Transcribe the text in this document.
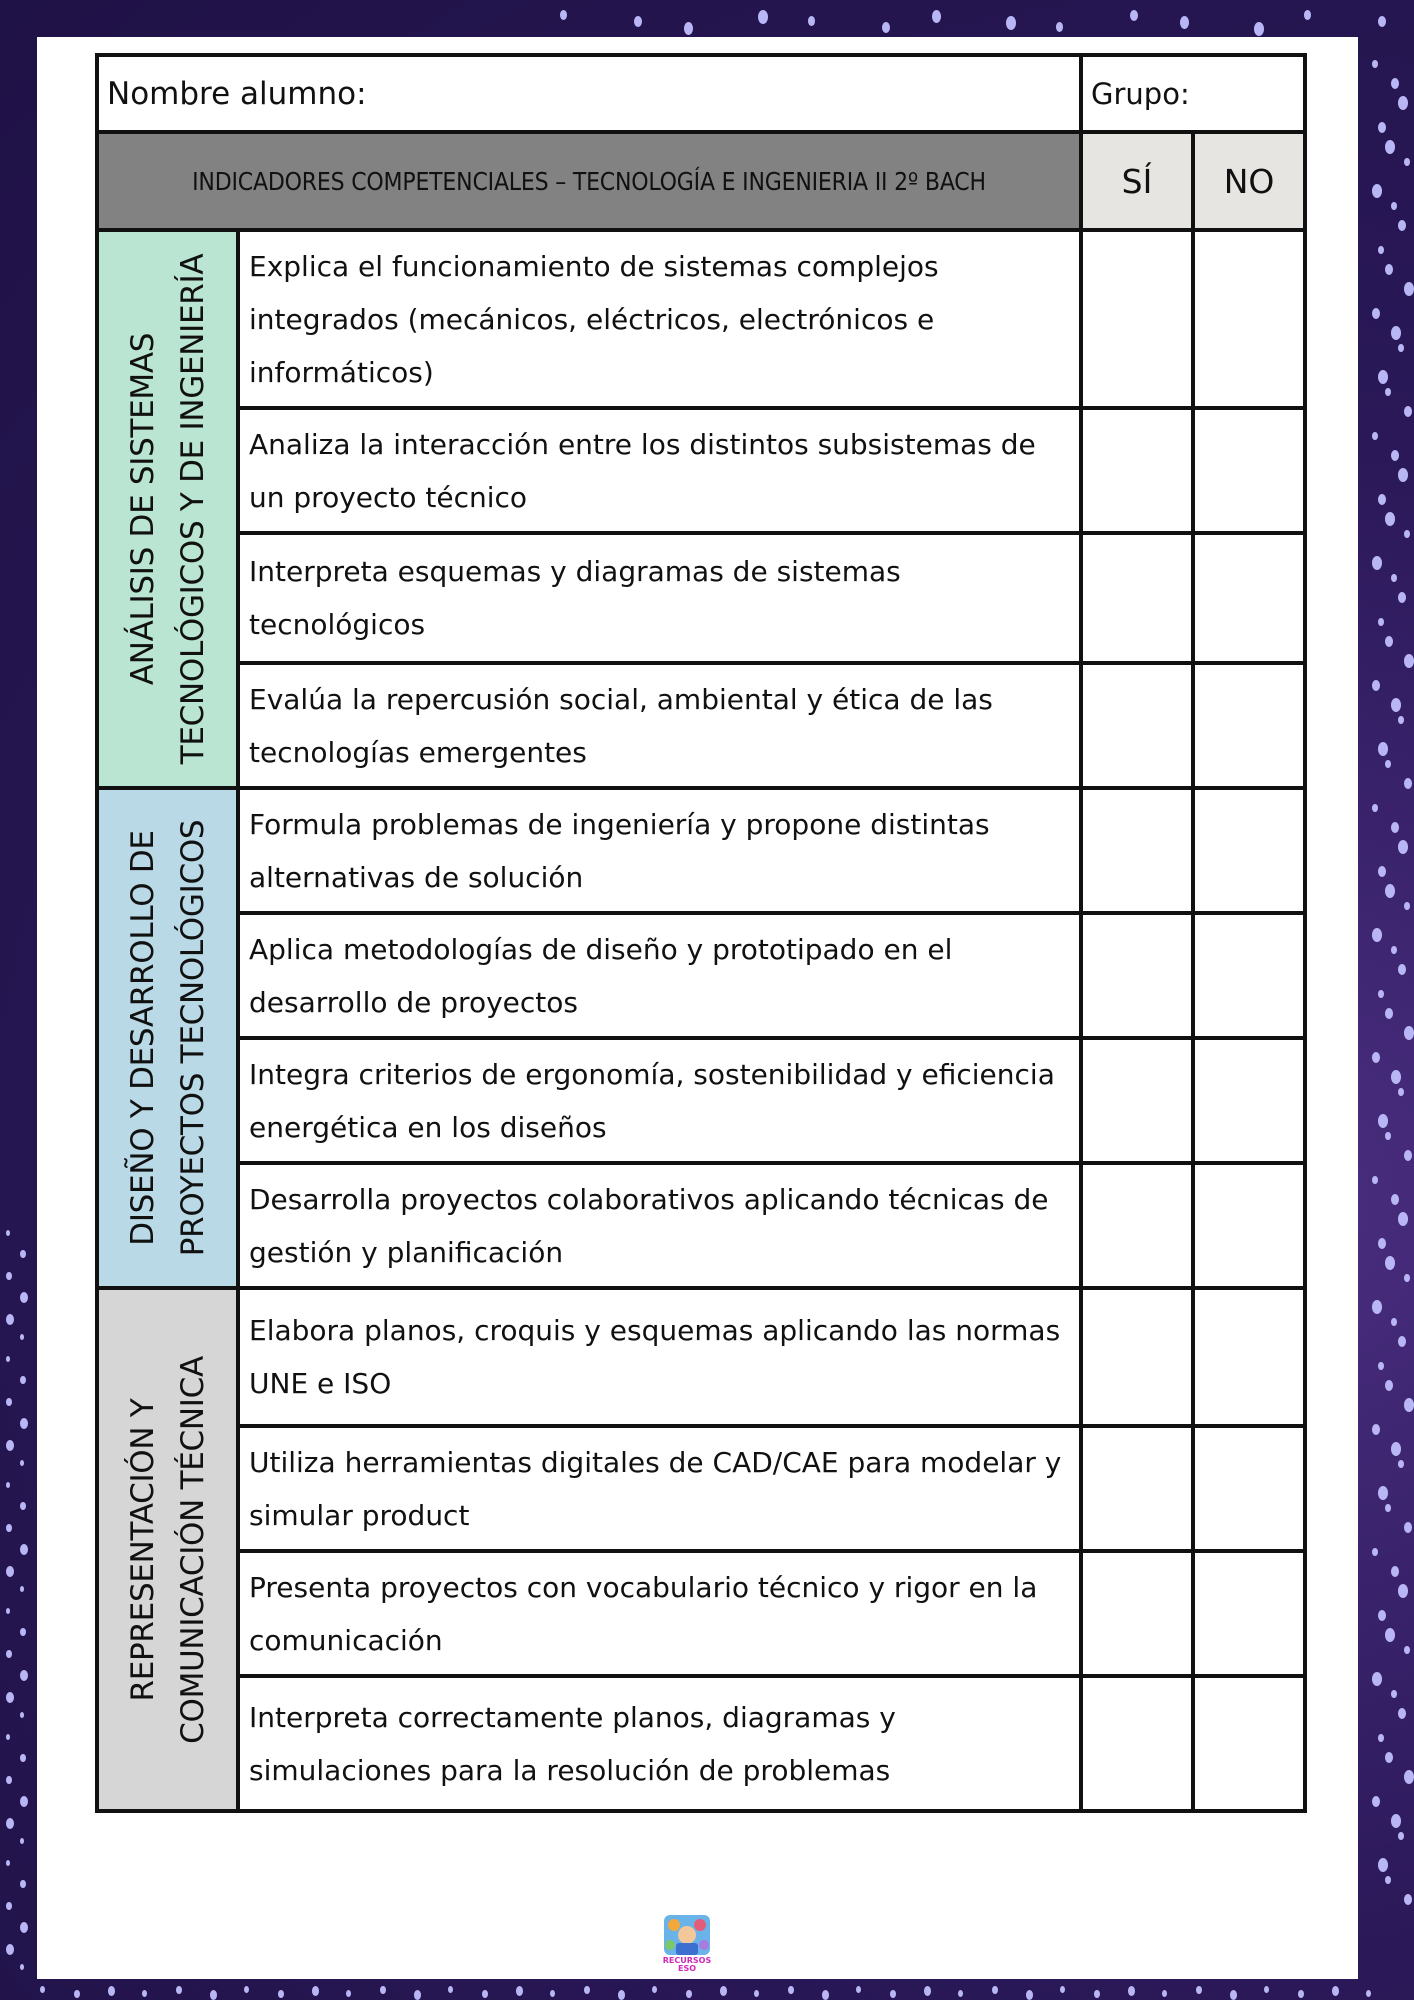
Nombre alumno:		Grupo:	
INDICADORES COMPETENCIALES – TECNOLOGÍA E INGENIERIA II 2º BACH		SÍ	NO

ANÁLISIS DE SISTEMAS TECNOLÓGICOS Y DE INGENIERÍA	Explica el funcionamiento de sistemas complejos integrados (mecánicos, eléctricos, electrónicos e informáticos)		
	Analiza la interacción entre los distintos subsistemas de un proyecto técnico		
	Interpreta esquemas y diagramas de sistemas tecnológicos		
	Evalúa la repercusión social, ambiental y ética de las tecnologías emergentes		

DISEÑO Y DESARROLLO DE PROYECTOS TECNOLÓGICOS	Formula problemas de ingeniería y propone distintas alternativas de solución		
	Aplica metodologías de diseño y prototipado en el desarrollo de proyectos		
	Integra criterios de ergonomía, sostenibilidad y eficiencia energética en los diseños		
	Desarrolla proyectos colaborativos aplicando técnicas de gestión y planificación		

REPRESENTACIÓN Y COMUNICACIÓN TÉCNICA	Elabora planos, croquis y esquemas aplicando las normas UNE e ISO		
	Utiliza herramientas digitales de CAD/CAE para modelar y simular product		
	Presenta proyectos con vocabulario técnico y rigor en la comunicación		
	Interpreta correctamente planos, diagramas y simulaciones para la resolución de problemas		
RECURSOS
ESO
